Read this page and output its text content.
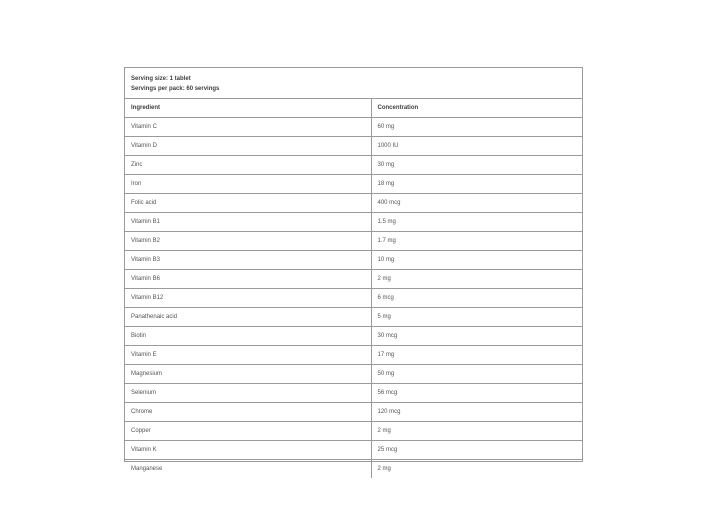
Serving size: 1 tablet
Servings per pack: 60 servings
Ingredient	Concentration
Vitamin C	60 mg
Vitamin D	1000 IU
Zinc	30 mg
Iron	18 mg
Folic acid	400 mcg
Vitamin B1	1.5 mg
Vitamin B2	1.7 mg
Vitamin B3	10 mg
Vitamin B6	2 mg
Vitamin B12	6 mcg
Panathenaic acid	5 mg
Biotin	30 mcg
Vitamin E	17 mg
Magnesium	50 mg
Selenium	56 mcg
Chrome	120 mcg
Copper	2 mg
Vitamin K	25 mcg
Manganese	2 mg
